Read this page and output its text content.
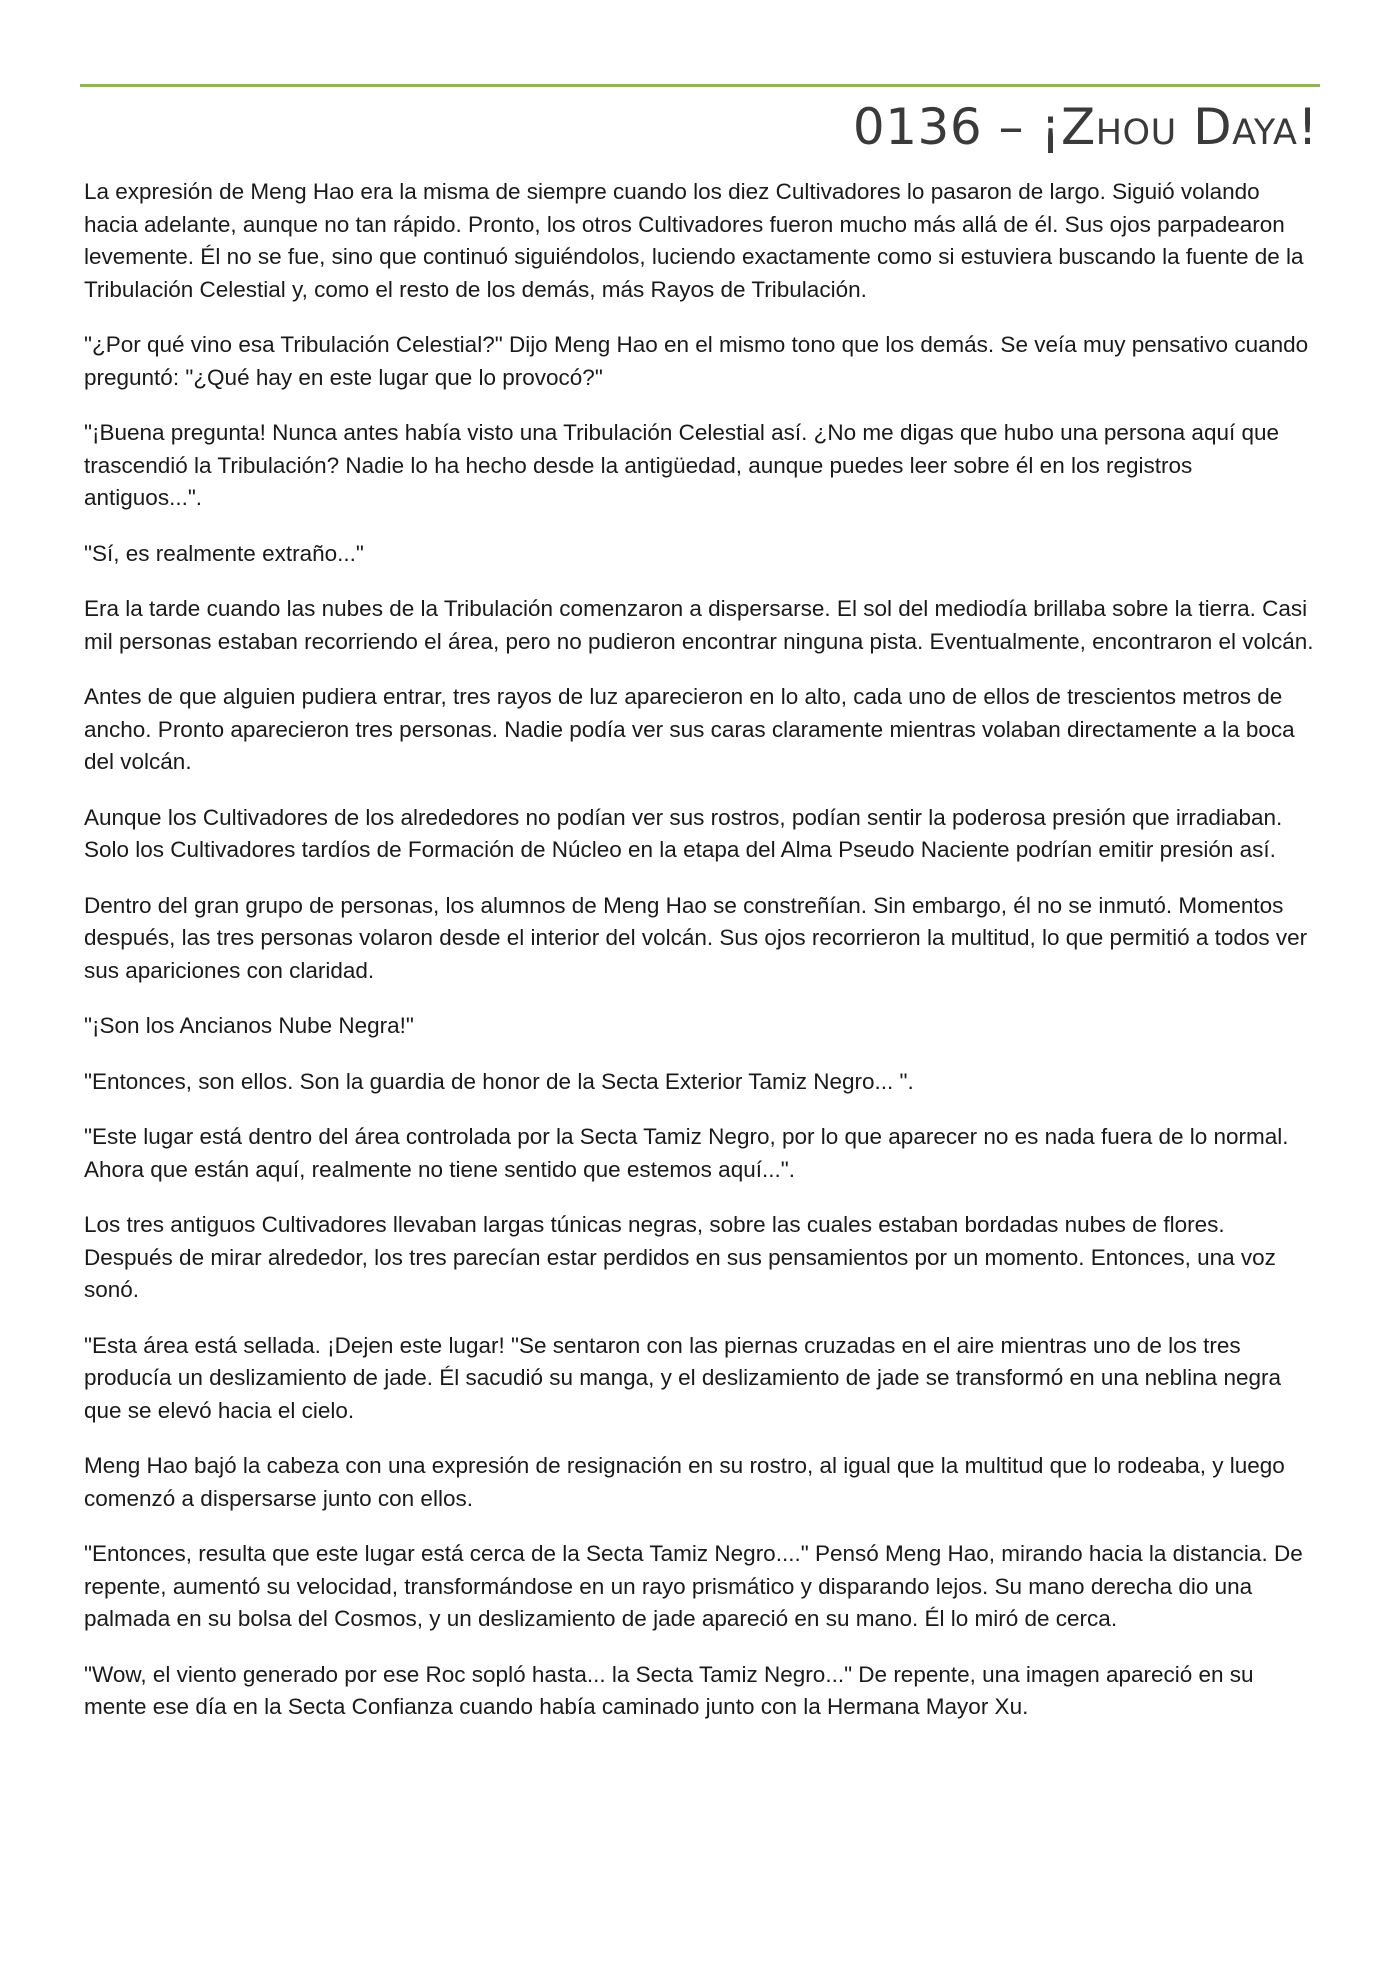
0136 – ¡Zhou Daya!

La expresión de Meng Hao era la misma de siempre cuando los diez Cultivadores lo pasaron de largo. Siguió volando hacia adelante, aunque no tan rápido. Pronto, los otros Cultivadores fueron mucho más allá de él. Sus ojos parpadearon levemente. Él no se fue, sino que continuó siguiéndolos, luciendo exactamente como si estuviera buscando la fuente de la Tribulación Celestial y, como el resto de los demás, más Rayos de Tribulación.

"¿Por qué vino esa Tribulación Celestial?" Dijo Meng Hao en el mismo tono que los demás. Se veía muy pensativo cuando preguntó: "¿Qué hay en este lugar que lo provocó?"

"¡Buena pregunta! Nunca antes había visto una Tribulación Celestial así. ¿No me digas que hubo una persona aquí que trascendió la Tribulación? Nadie lo ha hecho desde la antigüedad, aunque puedes leer sobre él en los registros antiguos...".

"Sí, es realmente extraño..."

Era la tarde cuando las nubes de la Tribulación comenzaron a dispersarse. El sol del mediodía brillaba sobre la tierra. Casi mil personas estaban recorriendo el área, pero no pudieron encontrar ninguna pista. Eventualmente, encontraron el volcán.

Antes de que alguien pudiera entrar, tres rayos de luz aparecieron en lo alto, cada uno de ellos de trescientos metros de ancho. Pronto aparecieron tres personas. Nadie podía ver sus caras claramente mientras volaban directamente a la boca del volcán.

Aunque los Cultivadores de los alrededores no podían ver sus rostros, podían sentir la poderosa presión que irradiaban. Solo los Cultivadores tardíos de Formación de Núcleo en la etapa del Alma Pseudo Naciente podrían emitir presión así.

Dentro del gran grupo de personas, los alumnos de Meng Hao se constreñían. Sin embargo, él no se inmutó. Momentos después, las tres personas volaron desde el interior del volcán. Sus ojos recorrieron la multitud, lo que permitió a todos ver sus apariciones con claridad.

"¡Son los Ancianos Nube Negra!"

"Entonces, son ellos. Son la guardia de honor de la Secta Exterior Tamiz Negro... ".

"Este lugar está dentro del área controlada por la Secta Tamiz Negro, por lo que aparecer no es nada fuera de lo normal. Ahora que están aquí, realmente no tiene sentido que estemos aquí...".

Los tres antiguos Cultivadores llevaban largas túnicas negras, sobre las cuales estaban bordadas nubes de flores. Después de mirar alrededor, los tres parecían estar perdidos en sus pensamientos por un momento. Entonces, una voz sonó.

"Esta área está sellada. ¡Dejen este lugar! "Se sentaron con las piernas cruzadas en el aire mientras uno de los tres producía un deslizamiento de jade. Él sacudió su manga, y el deslizamiento de jade se transformó en una neblina negra que se elevó hacia el cielo.

Meng Hao bajó la cabeza con una expresión de resignación en su rostro, al igual que la multitud que lo rodeaba, y luego comenzó a dispersarse junto con ellos.

"Entonces, resulta que este lugar está cerca de la Secta Tamiz Negro...." Pensó Meng Hao, mirando hacia la distancia. De repente, aumentó su velocidad, transformándose en un rayo prismático y disparando lejos. Su mano derecha dio una palmada en su bolsa del Cosmos, y un deslizamiento de jade apareció en su mano. Él lo miró de cerca.

"Wow, el viento generado por ese Roc sopló hasta... la Secta Tamiz Negro..." De repente, una imagen apareció en su mente ese día en la Secta Confianza cuando había caminado junto con la Hermana Mayor Xu.
